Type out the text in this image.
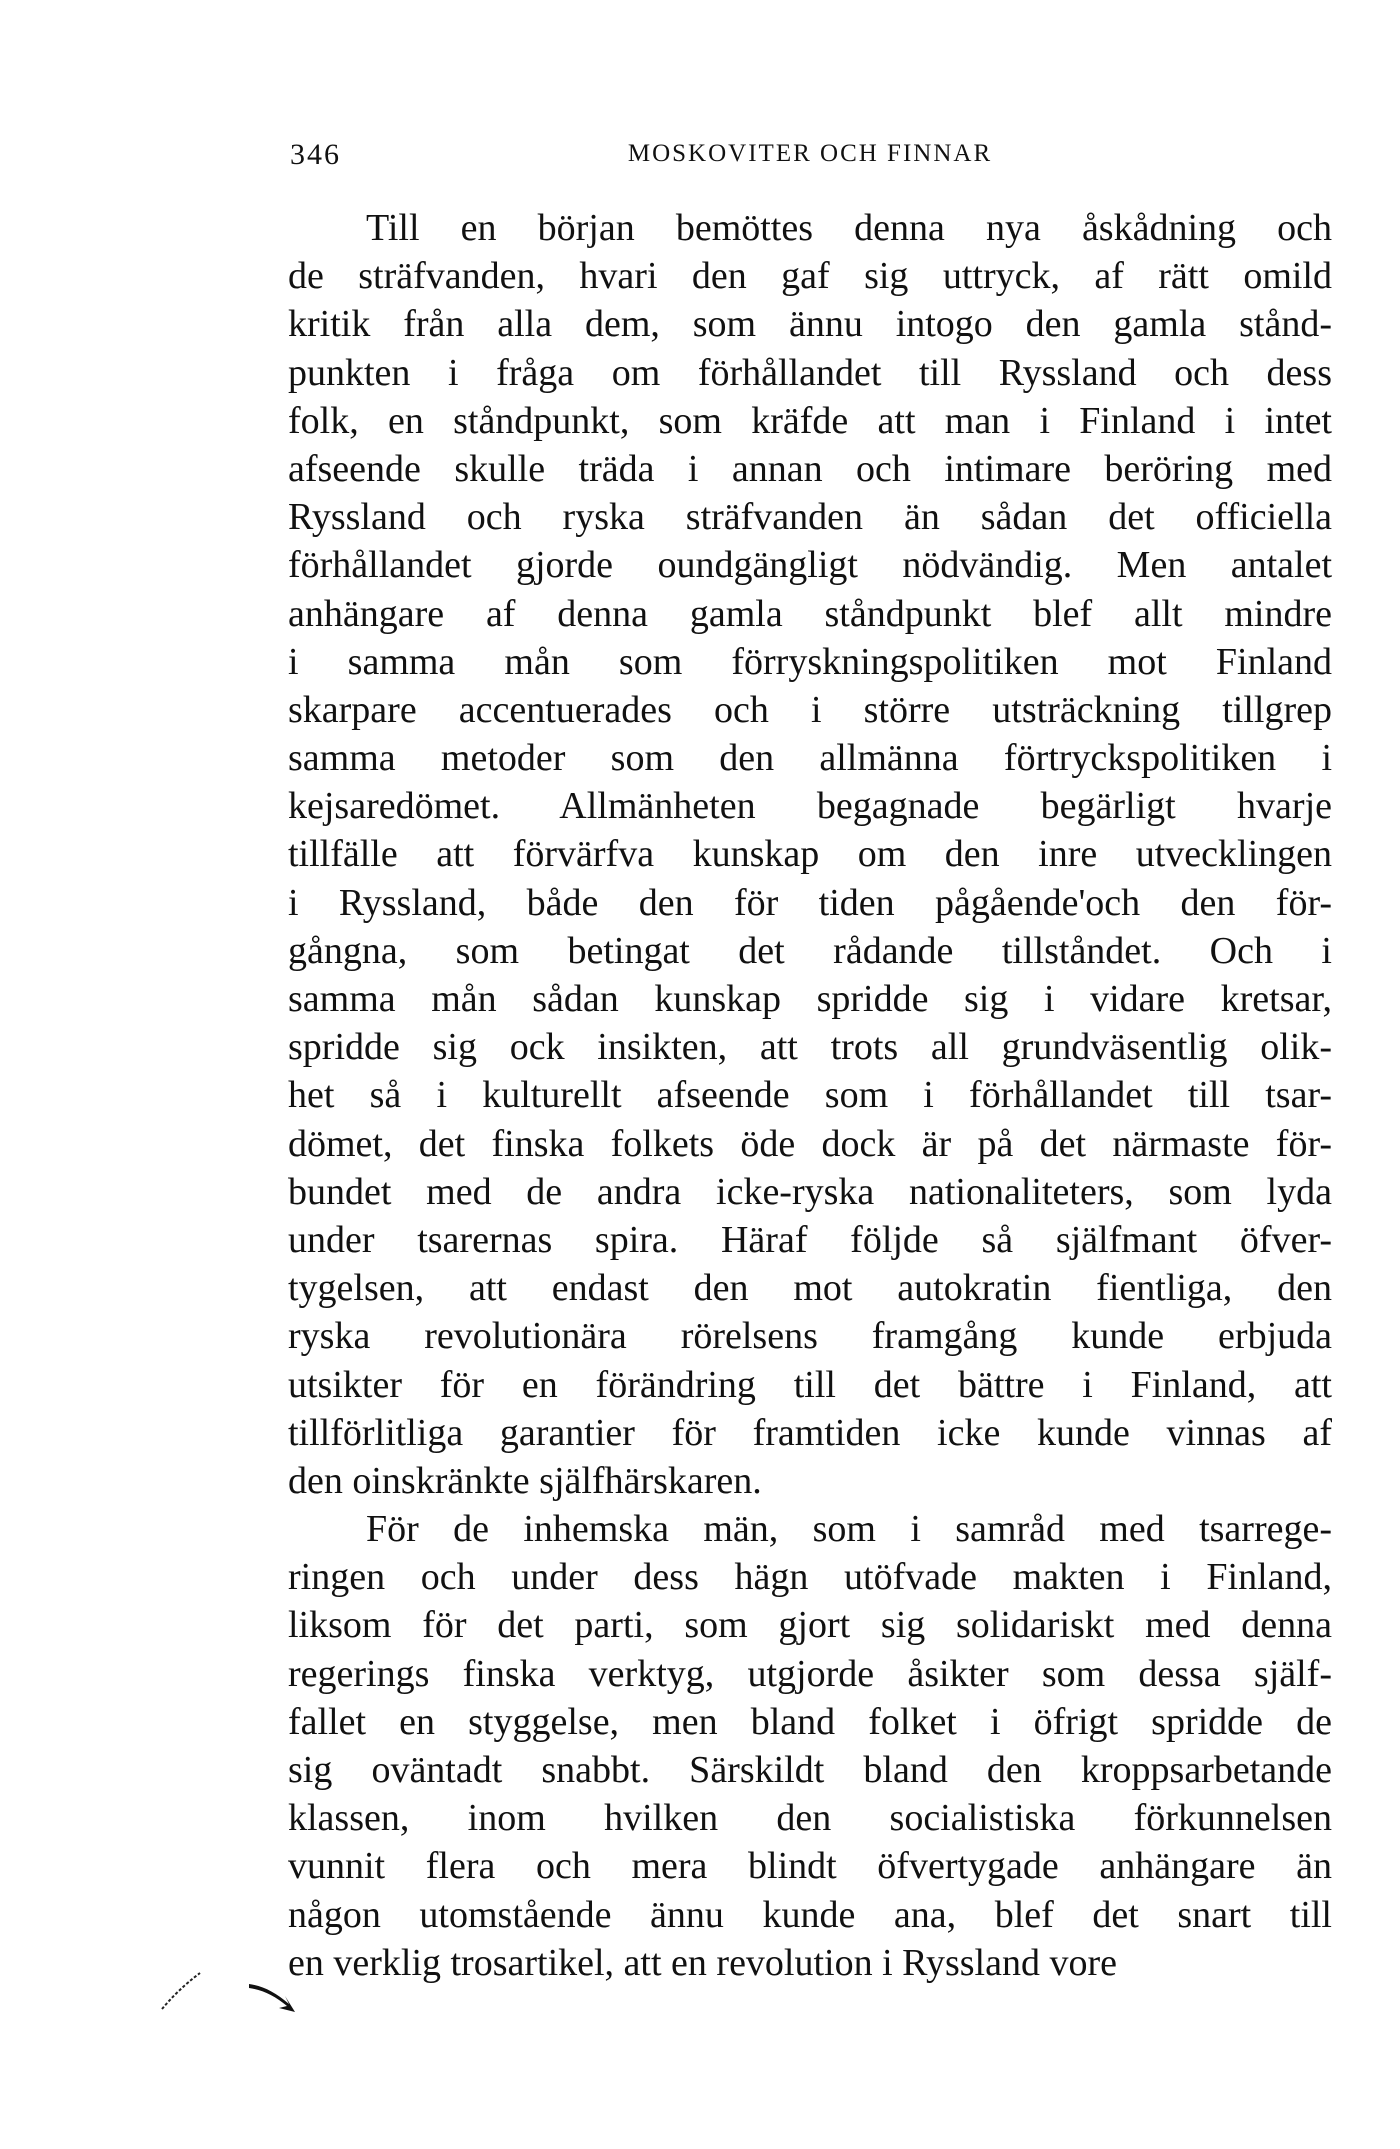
346	MOSKOVITER OCH FINNAR
Till en början bemöttes denna nya åskådning och
de sträfvanden, hvari den gaf sig uttryck, af rätt omild
kritik från alla dem, som ännu intogo den gamla stånd-
punkten i fråga om förhållandet till Ryssland och dess
folk, en ståndpunkt, som kräfde att man i Finland i intet
afseende skulle träda i annan och intimare beröring med
Ryssland och ryska sträfvanden än sådan det officiella
förhållandet gjorde oundgängligt nödvändig. Men antalet
anhängare af denna gamla ståndpunkt blef allt mindre
i samma mån som förryskningspolitiken mot Finland
skarpare accentuerades och i större utsträckning tillgrep
samma metoder som den allmänna förtryckspolitiken i
kejsaredömet. Allmänheten begagnade begärligt hvarje
tillfälle att förvärfva kunskap om den inre utvecklingen
i Ryssland, både den för tiden pågående'och den för-
gångna, som betingat det rådande tillståndet. Och i
samma mån sådan kunskap spridde sig i vidare kretsar,
spridde sig ock insikten, att trots all grundväsentlig olik-
het så i kulturellt afseende som i förhållandet till tsar-
dömet, det finska folkets öde dock är på det närmaste för-
bundet med de andra icke-ryska nationaliteters, som lyda
under tsarernas spira. Häraf följde så själfmant öfver-
tygelsen, att endast den mot autokratin fientliga, den
ryska revolutionära rörelsens framgång kunde erbjuda
utsikter för en förändring till det bättre i Finland, att
tillförlitliga garantier för framtiden icke kunde vinnas af
den oinskränkte själfhärskaren.
För de inhemska män, som i samråd med tsarrege-
ringen och under dess hägn utöfvade makten i Finland,
liksom för det parti, som gjort sig solidariskt med denna
regerings finska verktyg, utgjorde åsikter som dessa själf-
fallet en styggelse, men bland folket i öfrigt spridde de
sig oväntadt snabbt. Särskildt bland den kroppsarbetande
klassen, inom hvilken den socialistiska förkunnelsen
vunnit flera och mera blindt öfvertygade anhängare än
någon utomstående ännu kunde ana, blef det snart till
en verklig trosartikel, att en revolution i Ryssland vore
